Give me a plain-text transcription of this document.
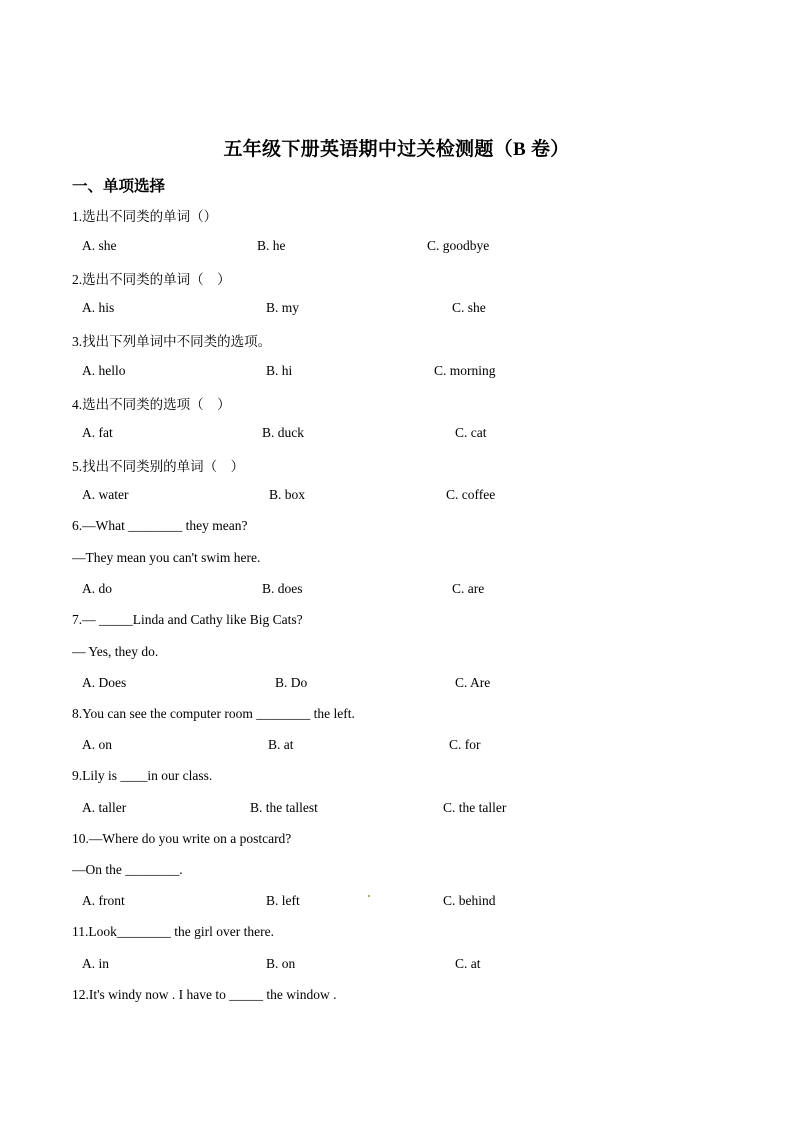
五年级下册英语期中过关检测题（B 卷）
一、单项选择
1.选出不同类的单词（）
A. she	B. he	C. goodbye
2.选出不同类的单词（　）
A. his	B. my	C. she
3.找出下列单词中不同类的选项。
A. hello	B. hi	C. morning
4.选出不同类的选项（　）
A. fat	B. duck	C. cat
5.找出不同类别的单词（　）
A. water	B. box	C. coffee
6.—What ________ they mean?
—They mean you can't swim here.
A. do	B. does	C. are
7.— _____Linda and Cathy like Big Cats?
— Yes, they do.
A. Does	B. Do	C. Are
8.You can see the computer room ________ the left.
A. on	B. at	C. for
9.Lily is ____in our class.
A. taller	B. the tallest	C. the taller
10.—Where do you write on a postcard?
—On the ________.
A. front	B. left	C. behind
11.Look________ the girl over there.
A. in	B. on	C. at
12.It's windy now . I have to _____ the window .
